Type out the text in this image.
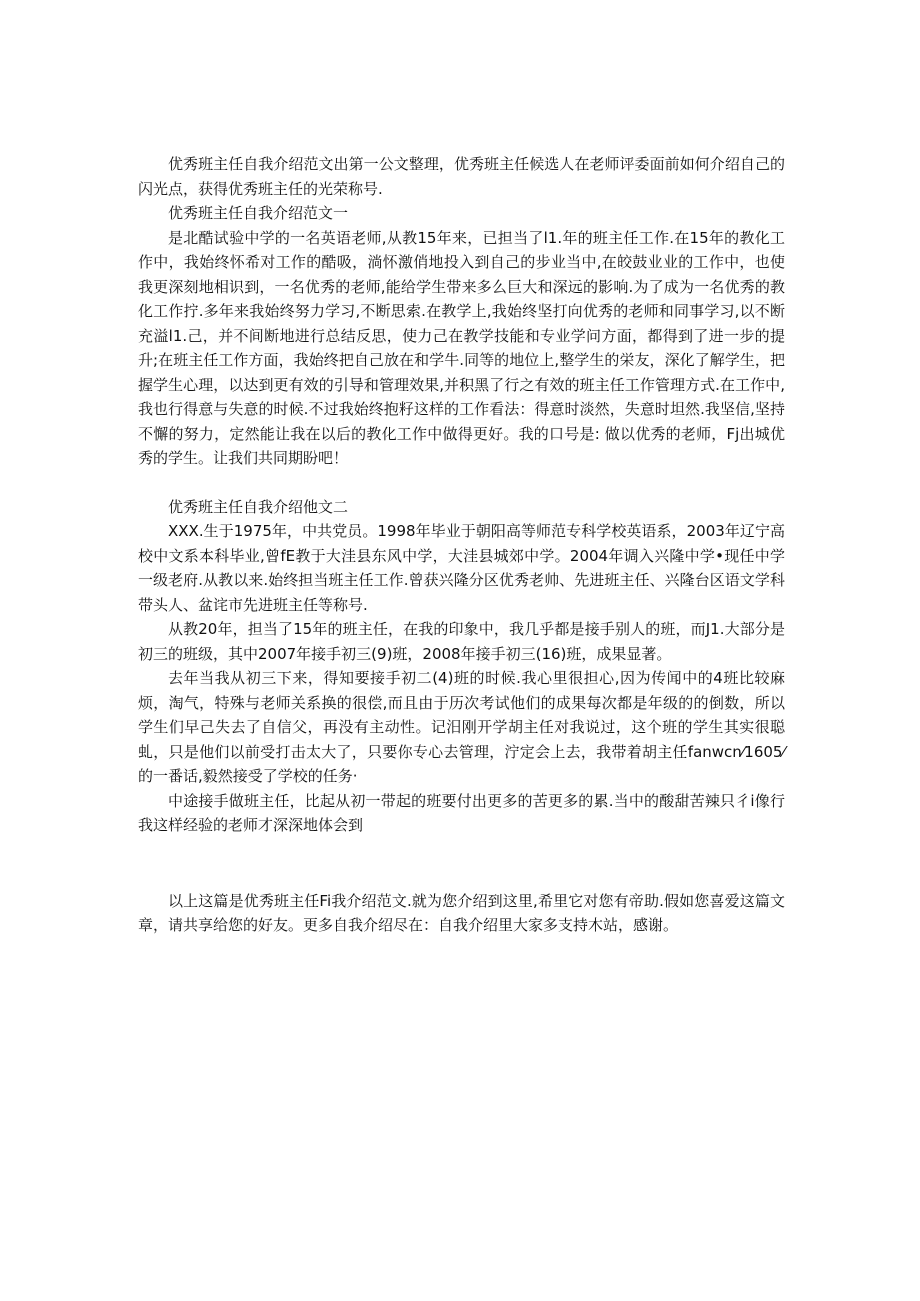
优秀班主任自我介绍范文出第一公文整理，优秀班主任候选人在老师评委面前如何介绍自己的闪光点，获得优秀班主任的光荣称号.

优秀班主任自我介绍范文一

是北酷试验中学的一名英语老师,从教15年来，已担当了l1.年的班主任工作.在15年的教化工作中，我始终怀希对工作的酷吸，淌怀激俏地投入到自己的步业当中,在皎鼓业业的工作中，也使我更深刻地相识到，一名优秀的老师,能给学生带来多么巨大和深远的影响.为了成为一名优秀的教化工作拧.多年来我始终努力学习,不断思索.在教学上,我始终坚打向优秀的老师和同事学习,以不断充溢l1.己，并不间断地进行总结反思，使力己在教学技能和专业学问方面，都得到了进一步的提升;在班主任工作方面，我始终把自己放在和学牛.同等的地位上,整学生的栄友，深化了解学生，把握学生心理，以达到更有效的引导和管理效果,并积黑了行之有效的班主任工作管理方式.在工作中,我也行得意与失意的时候.不过我始终抱籽这样的工作看法：得意时淡然，失意时坦然.我坚信,坚持不懈的努力，定然能让我在以后的教化工作中做得更好。我的口号是: 做以优秀的老师，Fj出城优秀的学生。让我们共同期盼吧！

优秀班主任自我介绍他文二

XXX.生于1975年，中共党员。1998年毕业于朝阳高等师范专科学校英语系，2003年辽宁高校中文系本科毕业,曾fE教于大洼县东风中学，大洼县城郊中学。2004年调入兴隆中学•现任中学一级老府.从教以来.始终担当班主任工作.曾获兴隆分区优秀老帅、先进班主任、兴隆台区语文学科带头人、盆诧市先进班主任等称号.

从教20年，担当了15年的班主任，在我的印象中，我几乎都是接手别人的班，而J1.大部分是初三的班级，其中2007年接手初三(9)班，2008年接手初三(16)班，成果显著。

去年当我从初三下来，得知要接手初二(4)班的时候.我心里很担心,因为传闻中的4班比较麻烦，淘气，特殊与老师关系换的很偿,而且由于历次考试他们的成果每次都是年级的的倒数，所以学生们早己失去了自信父，再没有主动性。记汨刚开学胡主任对我说过，这个班的学生其实很聪虬，只是他们以前受打击太大了，只要你专心去管理，泞定会上去，我带着胡主任fanwcn⁄1605⁄的一番话,毅然接受了学校的任务·

中途接手做班主任，比起从初一带起的班要付出更多的苦更多的累.当中的酸甜苦辣只彳i像行我这样经验的老师才深深地体会到

以上这篇是优秀班主任Fi我介绍范文.就为您介绍到这里,希里它对您有帝助.假如您喜爱这篇文章，请共享给您的好友。更多自我介绍尽在：自我介绍里大家多支持木站，感谢。
